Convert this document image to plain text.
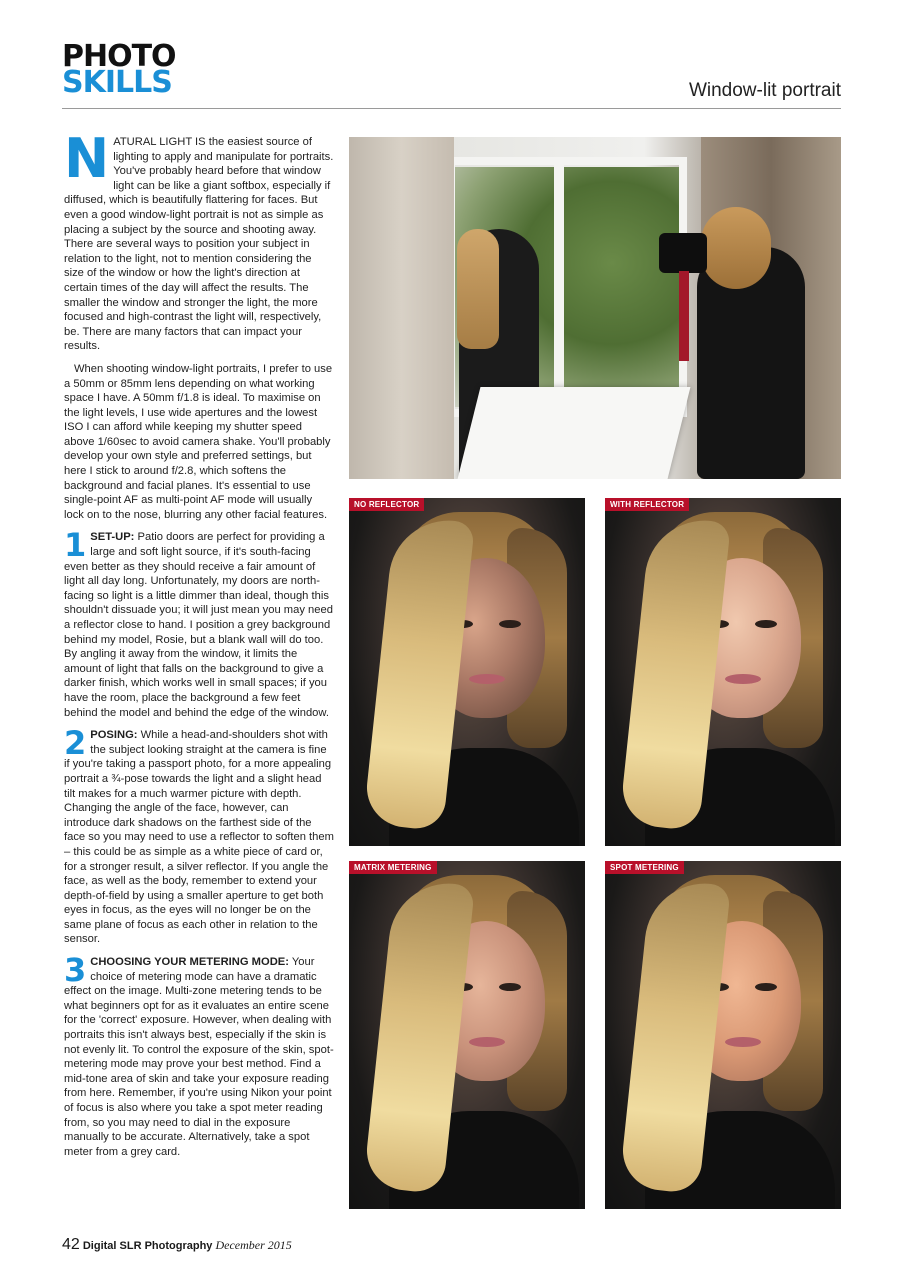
PHOTO
SKILLS	Window-lit portrait

NATURAL LIGHT IS the easiest source of lighting to apply and manipulate for portraits. You've probably heard before that window light can be like a giant softbox, especially if diffused, which is beautifully flattering for faces. But even a good window-light portrait is not as simple as placing a subject by the source and shooting away. There are several ways to position your subject in relation to the light, not to mention considering the size of the window or how the light's direction at certain times of the day will affect the results. The smaller the window and stronger the light, the more focused and high-contrast the light will, respectively, be. There are many factors that can impact your results.

When shooting window-light portraits, I prefer to use a 50mm or 85mm lens depending on what working space I have. A 50mm f/1.8 is ideal. To maximise on the light levels, I use wide apertures and the lowest ISO I can afford while keeping my shutter speed above 1/60sec to avoid camera shake. You'll probably develop your own style and preferred settings, but here I stick to around f/2.8, which softens the background and facial planes. It's essential to use single-point AF as multi-point AF mode will usually lock on to the nose, blurring any other facial features.

1 SET-UP: Patio doors are perfect for providing a large and soft light source, if it's south-facing even better as they should receive a fair amount of light all day long. Unfortunately, my doors are north-facing so light is a little dimmer than ideal, though this shouldn't dissuade you; it will just mean you may need a reflector close to hand. I position a grey background behind my model, Rosie, but a blank wall will do too. By angling it away from the window, it limits the amount of light that falls on the background to give a darker finish, which works well in small spaces; if you have the room, place the background a few feet behind the model and behind the edge of the window.

2 POSING: While a head-and-shoulders shot with the subject looking straight at the camera is fine if you're taking a passport photo, for a more appealing portrait a ¾-pose towards the light and a slight head tilt makes for a much warmer picture with depth. Changing the angle of the face, however, can introduce dark shadows on the farthest side of the face so you may need to use a reflector to soften them – this could be as simple as a white piece of card or, for a stronger result, a silver reflector. If you angle the face, as well as the body, remember to extend your depth-of-field by using a smaller aperture to get both eyes in focus, as the eyes will no longer be on the same plane of focus as each other in relation to the sensor.

3 CHOOSING YOUR METERING MODE: Your choice of metering mode can have a dramatic effect on the image. Multi-zone metering tends to be what beginners opt for as it evaluates an entire scene for the 'correct' exposure. However, when dealing with portraits this isn't always best, especially if the skin is not evenly lit. To control the exposure of the skin, spot-metering mode may prove your best method. Find a mid-tone area of skin and take your exposure reading from here. Remember, if you're using Nikon your point of focus is also where you take a spot meter reading from, so you may need to dial in the exposure manually to be accurate. Alternatively, take a spot meter from a grey card.

NO REFLECTOR	WITH REFLECTOR
MATRIX METERING	SPOT METERING
42 Digital SLR Photography December 2015
